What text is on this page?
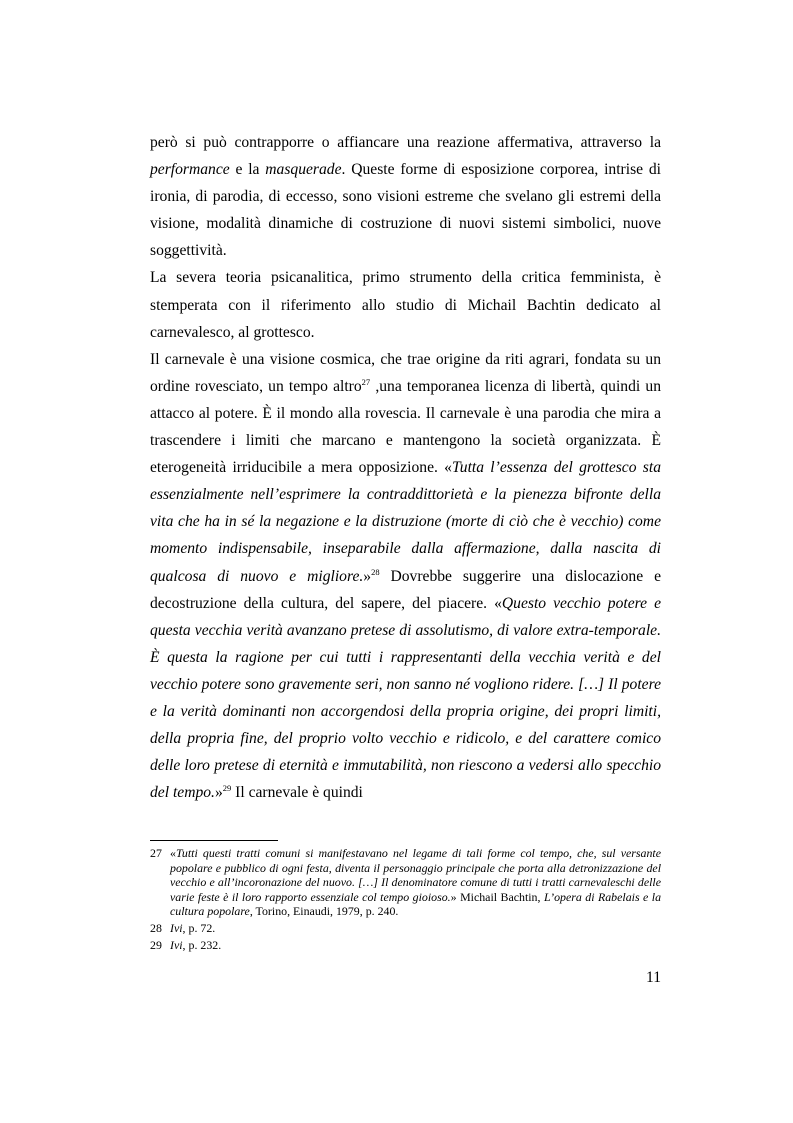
però si può contrapporre o affiancare una reazione affermativa, attraverso la performance e la masquerade. Queste forme di esposizione corporea, intrise di ironia, di parodia, di eccesso, sono visioni estreme che svelano gli estremi della visione, modalità dinamiche di costruzione di nuovi sistemi simbolici, nuove soggettività.

La severa teoria psicanalitica, primo strumento della critica femminista, è stemperata con il riferimento allo studio di Michail Bachtin dedicato al carnevalesco, al grottesco.

Il carnevale è una visione cosmica, che trae origine da riti agrari, fondata su un ordine rovesciato, un tempo altro$^{27}$ ,una temporanea licenza di libertà, quindi un attacco al potere. È il mondo alla rovescia. Il carnevale è una parodia che mira a trascendere i limiti che marcano e mantengono la società organizzata. È eterogeneità irriducibile a mera opposizione. «Tutta l’essenza del grottesco sta essenzialmente nell’esprimere la contraddittorietà e la pienezza bifronte della vita che ha in sé la negazione e la distruzione (morte di ciò che è vecchio) come momento indispensabile, inseparabile dalla affermazione, dalla nascita di qualcosa di nuovo e migliore.»$^{28}$ Dovrebbe suggerire una dislocazione e decostruzione della cultura, del sapere, del piacere. «Questo vecchio potere e questa vecchia verità avanzano pretese di assolutismo, di valore extra-temporale. È questa la ragione per cui tutti i rappresentanti della vecchia verità e del vecchio potere sono gravemente seri, non sanno né vogliono ridere. […] Il potere e la verità dominanti non accorgendosi della propria origine, dei propri limiti, della propria fine, del proprio volto vecchio e ridicolo, e del carattere comico delle loro pretese di eternità e immutabilità, non riescono a vedersi allo specchio del tempo.»$^{29}$ Il carnevale è quindi

27 «Tutti questi tratti comuni si manifestavano nel legame di tali forme col tempo, che, sul versante popolare e pubblico di ogni festa, diventa il personaggio principale che porta alla detronizzazione del vecchio e all’incoronazione del nuovo. […] Il denominatore comune di tutti i tratti carnevaleschi delle varie feste è il loro rapporto essenziale col tempo gioioso.» Michail Bachtin, L’opera di Rabelais e la cultura popolare, Torino, Einaudi, 1979, p. 240.
28 Ivi, p. 72.
29 Ivi, p. 232.
11
